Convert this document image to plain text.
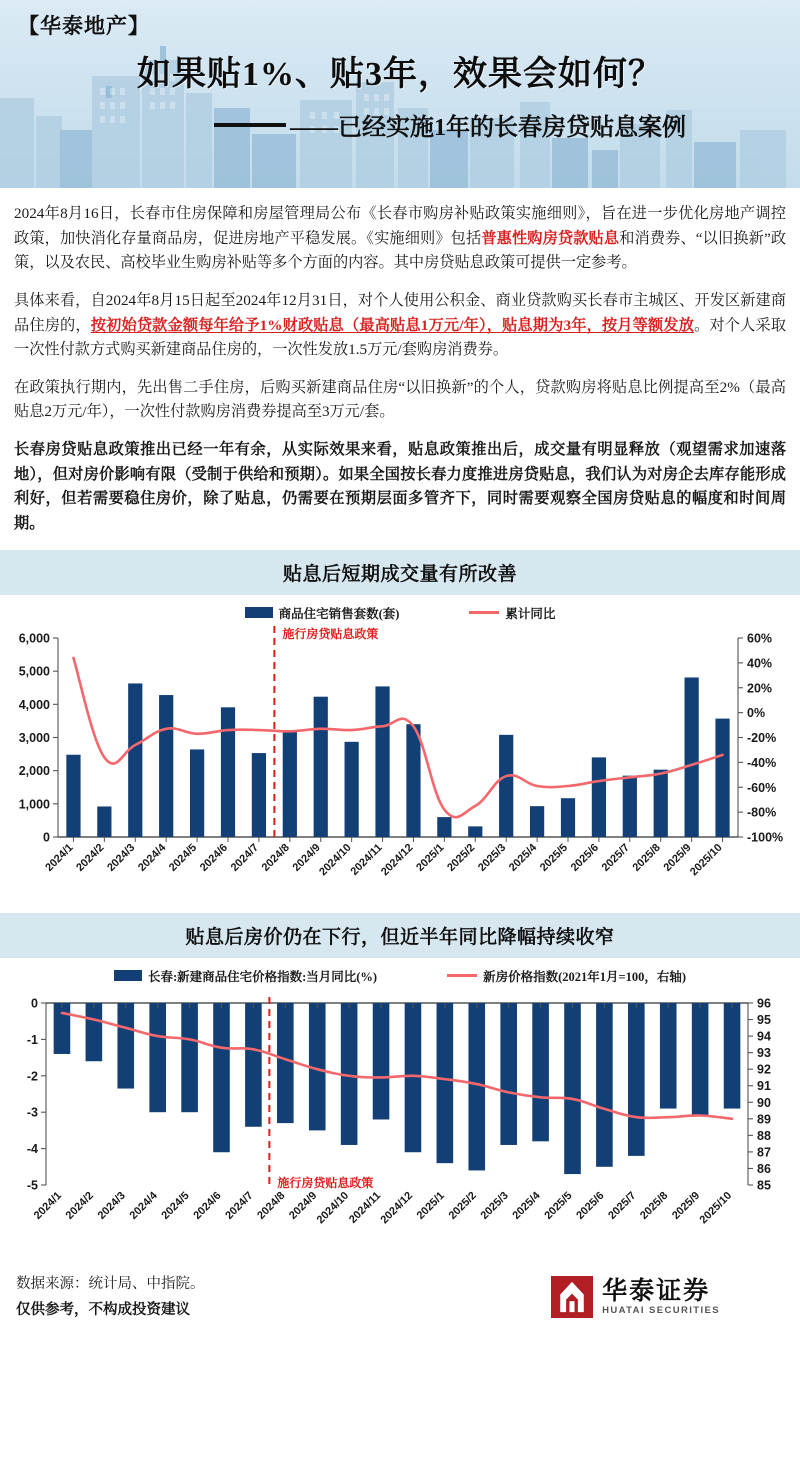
【华泰地产】
如果贴1%、贴3年，效果会如何？
——已经实施1年的长春房贷贴息案例

2024年8月16日，长春市住房保障和房屋管理局公布《长春市购房补贴政策实施细则》，旨在进一步优化房地产调控政策，加快消化存量商品房，促进房地产平稳发展。《实施细则》包括普惠性购房贷款贴息和消费券、“以旧换新”政策，以及农民、高校毕业生购房补贴等多个方面的内容。其中房贷贴息政策可提供一定参考。

具体来看，自2024年8月15日起至2024年12月31日，对个人使用公积金、商业贷款购买长春市主城区、开发区新建商品住房的，按初始贷款金额每年给予1%财政贴息（最高贴息1万元/年），贴息期为3年，按月等额发放。对个人采取一次性付款方式购买新建商品住房的，一次性发放1.5万元/套购房消费券。

在政策执行期内，先出售二手住房，后购买新建商品住房“以旧换新”的个人，贷款购房将贴息比例提高至2%（最高贴息2万元/年），一次性付款购房消费券提高至3万元/套。

长春房贷贴息政策推出已经一年有余，从实际效果来看，贴息政策推出后，成交量有明显释放（观望需求加速落地），但对房价影响有限（受制于供给和预期）。如果全国按长春力度推进房贷贴息，我们认为对房企去库存能形成利好，但若需要稳住房价，除了贴息，仍需要在预期层面多管齐下，同时需要观察全国房贷贴息的幅度和时间周期。

贴息后短期成交量有所改善
商品住宅销售套数(套)	累计同比
0
1,000
2,000
3,000
4,000
5,000
6,000	60%
40%
20%
0%
-20%
-40%
-60%
-80%
-100%
2024/1
2024/2
2024/3
2024/4
2024/5
2024/6
2024/7
2024/8
2024/9
2024/10
2024/11
2024/12
2025/1
2025/2
2025/3
2025/4
2025/5
2025/6
2025/7
2025/8
2025/9
2025/10
施行房贷贴息政策
贴息后房价仍在下行，但近半年同比降幅持续收窄
长春:新建商品住宅价格指数:当月同比(%)	新房价格指数(2021年1月=100，右轴)
0
-1
-2
-3
-4
-5
96
95
94
93
92
91
90
89
88
87
86
85
2024/1 2024/2 2024/3 2024/4 2024/5 2024/6 2024/7 2024/8 2024/9
2024/10
2024/11
2024/12 2025/1 2025/2 2025/3 2025/4 2025/5 2025/6 2025/7 2025/8 2025/9
2025/10
施行房贷贴息政策
数据来源：统计局、中指院。
仅供参考，不构成投资建议
华泰证券
HUATAI SECURITIES
